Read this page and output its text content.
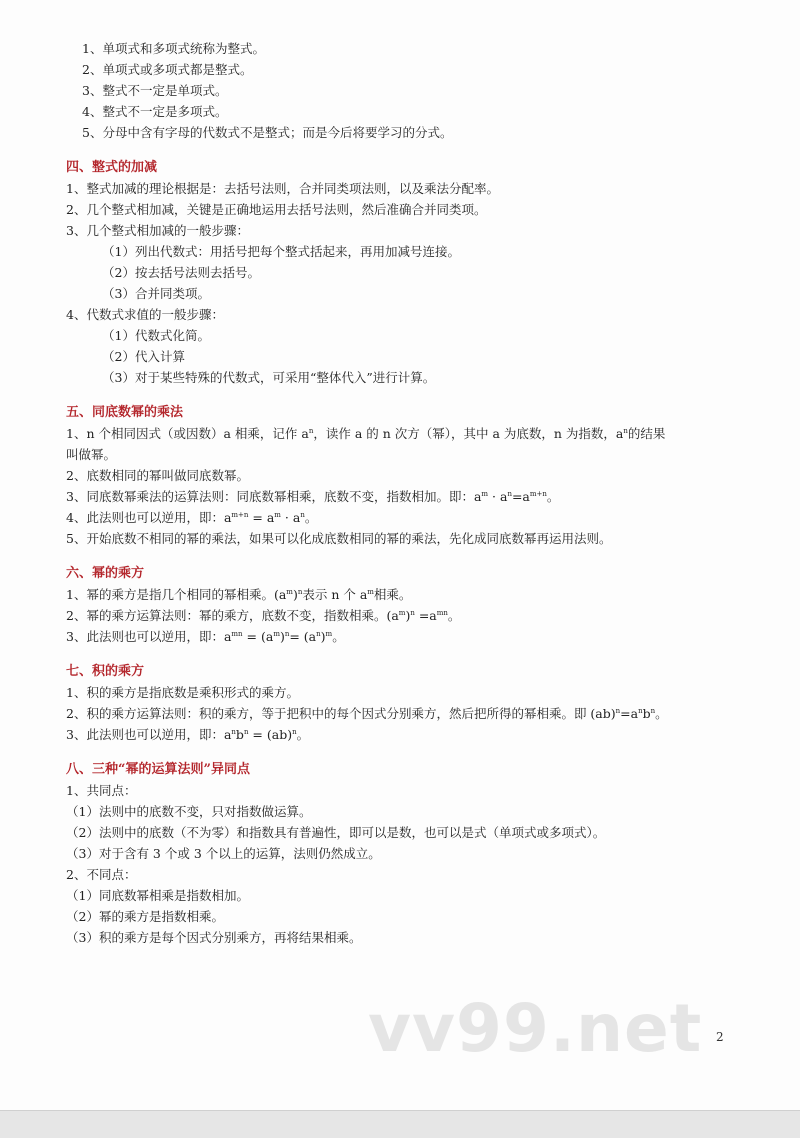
1、单项式和多项式统称为整式。
2、单项式或多项式都是整式。
3、整式不一定是单项式。
4、整式不一定是多项式。
5、分母中含有字母的代数式不是整式；而是今后将要学习的分式。
四、整式的加减
1、整式加减的理论根据是：去括号法则，合并同类项法则，以及乘法分配率。
2、几个整式相加减，关键是正确地运用去括号法则，然后准确合并同类项。
3、几个整式相加减的一般步骤：
（1）列出代数式：用括号把每个整式括起来，再用加减号连接。
（2）按去括号法则去括号。
（3）合并同类项。
4、代数式求值的一般步骤：
（1）代数式化简。
（2）代入计算
（3）对于某些特殊的代数式，可采用“整体代入”进行计算。
五、同底数幂的乘法
1、n 个相同因式（或因数）a 相乘，记作 $a^n$，读作 a 的 n 次方（幂），其中 a 为底数，n 为指数，$a^n$的结果
叫做幂。
2、底数相同的幂叫做同底数幂。
3、同底数幂乘法的运算法则：同底数幂相乘，底数不变，指数相加。即：$a^m \cdot a^n=a^{m+n}$。
4、此法则也可以逆用，即：$a^{m+n} = a^m \cdot a^n$。
5、开始底数不相同的幂的乘法，如果可以化成底数相同的幂的乘法，先化成同底数幂再运用法则。
六、幂的乘方
1、幂的乘方是指几个相同的幂相乘。$(a^m)^n$表示 n 个 $a^m$相乘。
2、幂的乘方运算法则：幂的乘方，底数不变，指数相乘。$(a^m)^n =a^{mn}$。
3、此法则也可以逆用，即：$a^{mn} = (a^m)^n= (a^n)^m$。
七、积的乘方
1、积的乘方是指底数是乘积形式的乘方。
2、积的乘方运算法则：积的乘方，等于把积中的每个因式分别乘方，然后把所得的幂相乘。即 $(ab)^n=a^nb^n$。
3、此法则也可以逆用，即：$a^nb^n = (ab)^n$。
八、三种“幂的运算法则”异同点
1、共同点：
（1）法则中的底数不变，只对指数做运算。
（2）法则中的底数（不为零）和指数具有普遍性，即可以是数，也可以是式（单项式或多项式）。
（3）对于含有 3 个或 3 个以上的运算，法则仍然成立。
2、不同点：
（1）同底数幂相乘是指数相加。
（2）幂的乘方是指数相乘。
（3）积的乘方是每个因式分别乘方，再将结果相乘。
vv99.net 2
